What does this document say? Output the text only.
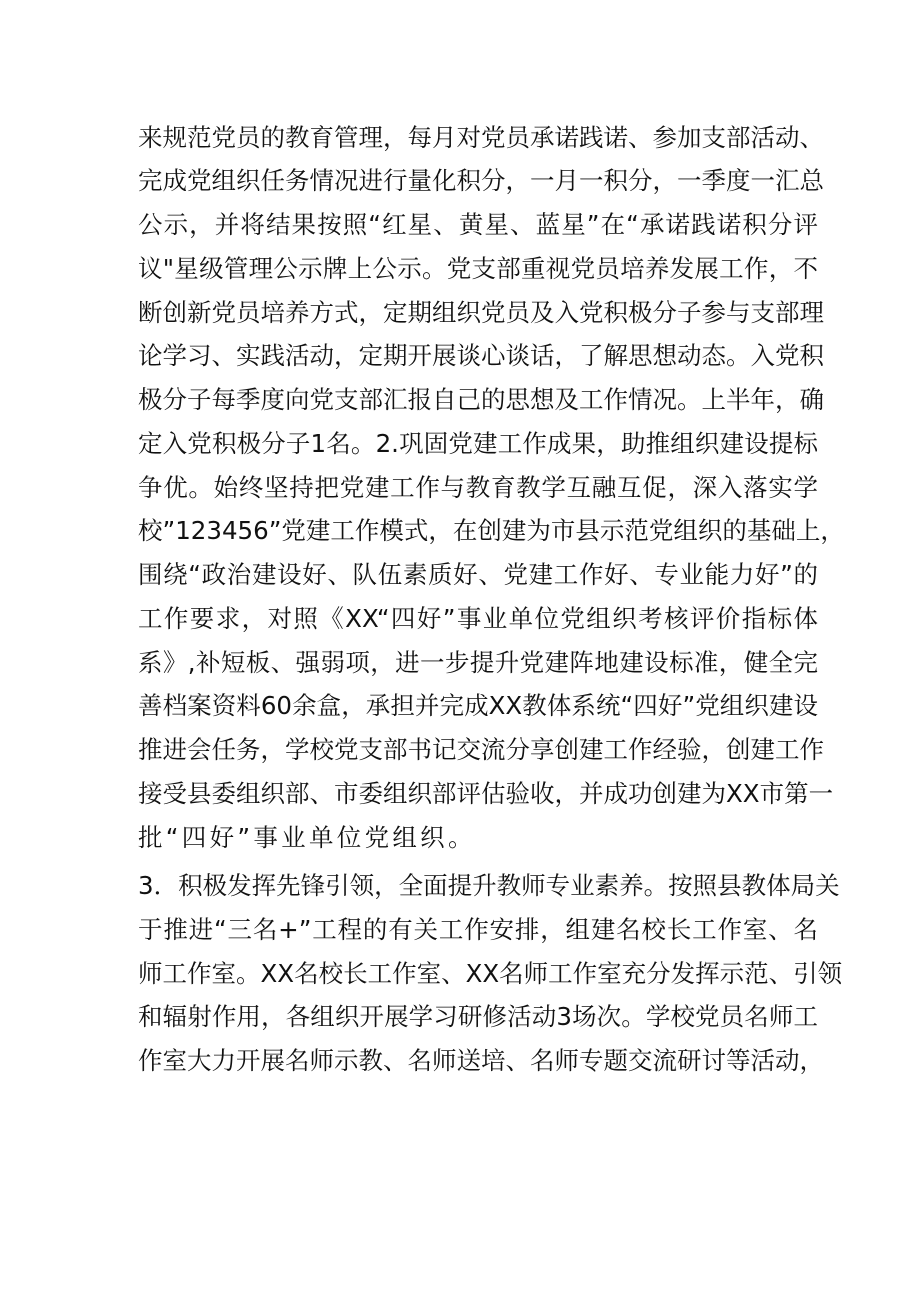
来规范党员的教育管理，每月对党员承诺践诺、参加支部活动、
完成党组织任务情况进行量化积分，一月一积分，一季度一汇总
公示，并将结果按照“红星、黄星、蓝星”在“承诺践诺积分评
议"星级管理公示牌上公示。党支部重视党员培养发展工作，不
断创新党员培养方式，定期组织党员及入党积极分子参与支部理
论学习、实践活动，定期开展谈心谈话，了解思想动态。入党积
极分子每季度向党支部汇报自己的思想及工作情况。上半年，确
定入党积极分子1名。2.巩固党建工作成果，助推组织建设提标
争优。始终坚持把党建工作与教育教学互融互促，深入落实学
校”123456”党建工作模式，在创建为市县示范党组织的基础上，
围绕“政治建设好、队伍素质好、党建工作好、专业能力好”的
工作要求，对照《XX“四好”事业单位党组织考核评价指标体
系》,补短板、强弱项，进一步提升党建阵地建设标准，健全完
善档案资料60余盒，承担并完成XX教体系统“四好”党组织建设
推进会任务，学校党支部书记交流分享创建工作经验，创建工作
接受县委组织部、市委组织部评估验收，并成功创建为XX市第一
批“四好”事业单位党组织。
3．积极发挥先锋引领，全面提升教师专业素养。按照县教体局关
于推进“三名+”工程的有关工作安排，组建名校长工作室、名
师工作室。XX名校长工作室、XX名师工作室充分发挥示范、引领
和辐射作用，各组织开展学习研修活动3场次。学校党员名师工
作室大力开展名师示教、名师送培、名师专题交流研讨等活动，
